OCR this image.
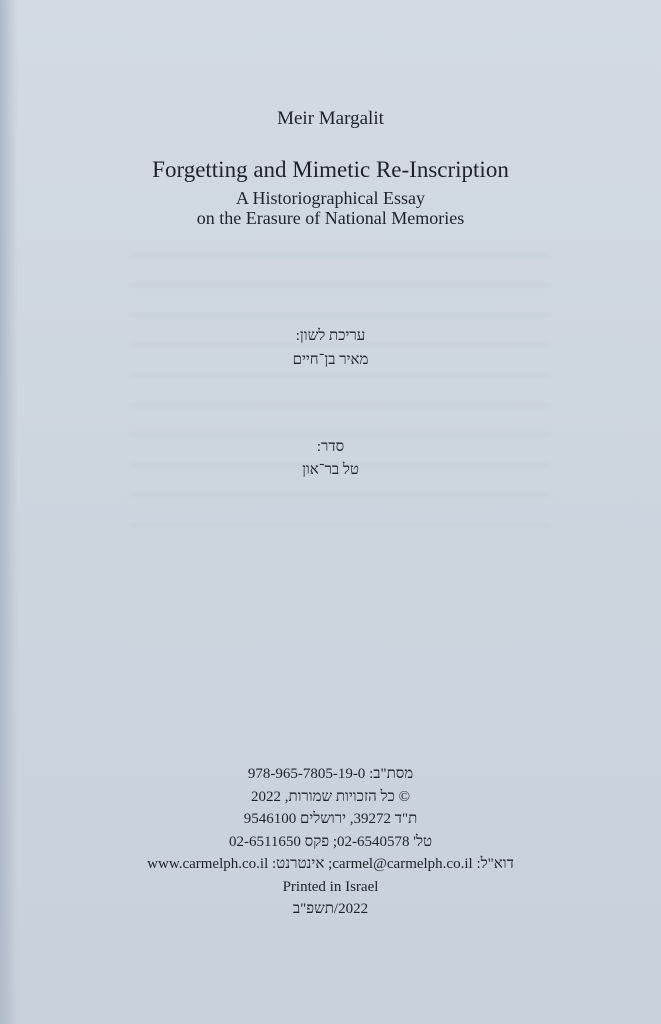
Meir Margalit
Forgetting and Mimetic Re-Inscription
A Historiographical Essay
on the Erasure of National Memories
עריכת לשון:
מאיר בן־חיים
סדר:
טל בר־און
מסת"ב: 978-965-7805-19-0
© כל הזכויות שמורות, 2022
ת"ד 39272, ירושלים 9546100
טל' 02-6540578; פקס 02-6511650
דוא"ל: carmel@carmelph.co.il; אינטרנט: www.carmelph.co.il
Printed in Israel
2022/תשפ"ב
